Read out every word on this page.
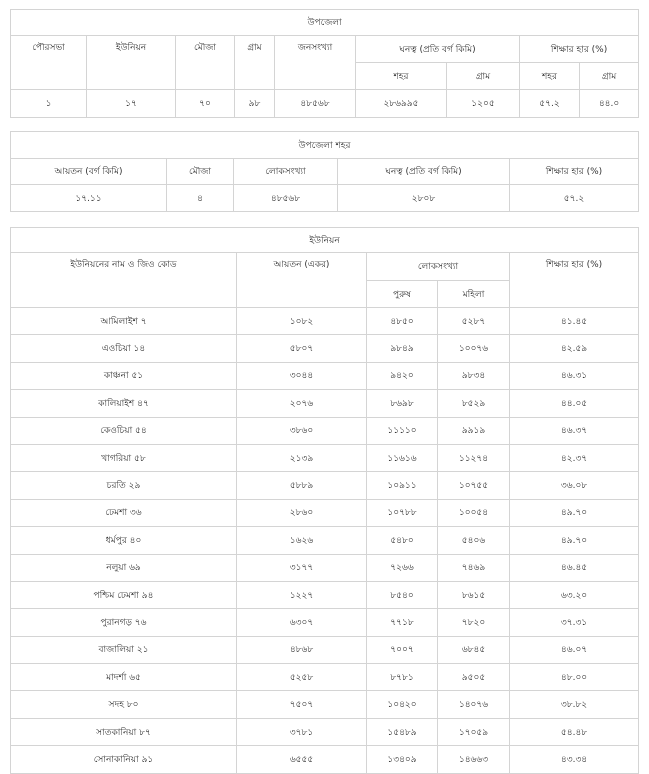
উপজেলা								
পৌরসভা	ইউনিয়ন	মৌজা	গ্রাম	জনসংখ্যা	ঘনত্ব (প্রতি বর্গ কিমি)		শিক্ষার হার (%)	
					শহর	গ্রাম	শহর	গ্রাম
১	১৭	৭০	৯৮	৪৮৫৬৮	২৮৬৯৯৫	১২০৫	৫৭.২	৪৪.০
উপজেলা শহর				
আয়তন (বর্গ কিমি)	মৌজা	লোকসংখ্যা	ঘনত্ব (প্রতি বর্গ কিমি)	শিক্ষার হার (%)
১৭.১১	৪	৪৮৫৬৮	২৮০৮	৫৭.২
ইউনিয়ন				
ইউনিয়নের নাম ও জিও কোড	আয়তন (একর)	লোকসংখ্যা		শিক্ষার হার (%)
		পুরুষ	মহিলা	
আমিলাইশ ৭	১০৮২	৪৮৫০	৫২৮৭	৪১.৪৫
এওচিয়া ১৪	৫৮০৭	৯৮৪৯	১০০৭৬	৪২.৫৯
কাঞ্চনা ৫১	৩০৪৪	৯৪২০	৯৮৩৪	৪৬.৩১
কালিয়াইশ ৪৭	২০৭৬	৮৬৯৮	৮৫২৯	৪৪.০৫
কেওচিয়া ৫৪	৩৮৬০	১১১১০	৯৯১৯	৪৬.৩৭
খাগরিয়া ৫৮	২১৩৯	১১৬১৬	১১২৭৪	৪২.৩৭
চরতি ২৯	৫৮৮৯	১০৯১১	১০৭৫৫	৩৬.০৮
ঢেমশা ৩৬	২৮৬০	১০৭৮৮	১০০৫৪	৪৯.৭০
ধর্মপুর ৪০	১৬২৬	৫৪৮০	৫৪০৬	৪৯.৭০
নলুয়া ৬৯	৩১৭৭	৭২৬৬	৭৪৬৯	৪৬.৪৫
পশ্চিম ঢেমশা ৯৪	১২২৭	৮৫৪০	৮৬১৫	৬৩.২০
পুরানগড় ৭৬	৬৩০৭	৭৭১৮	৭৮২০	৩৭.৩১
বাজালিয়া ২১	৪৮৬৮	৭০০৭	৬৮৪৫	৪৬.০৭
মাদর্শা ৬৫	৫২৫৮	৮৭৮১	৯৫০৫	৪৮.০০
সদহ ৮০	৭৫০৭	১০৪২০	১৪০৭৬	৩৮.৮২
সাতকানিয়া ৮৭	৩৭৮১	১৫৪৮৯	১৭০৫৯	৫৪.৪৮
সোনাকানিয়া ৯১	৬৫৫৫	১৩৪০৯	১৪৬৬৩	৪৩.৩৪
